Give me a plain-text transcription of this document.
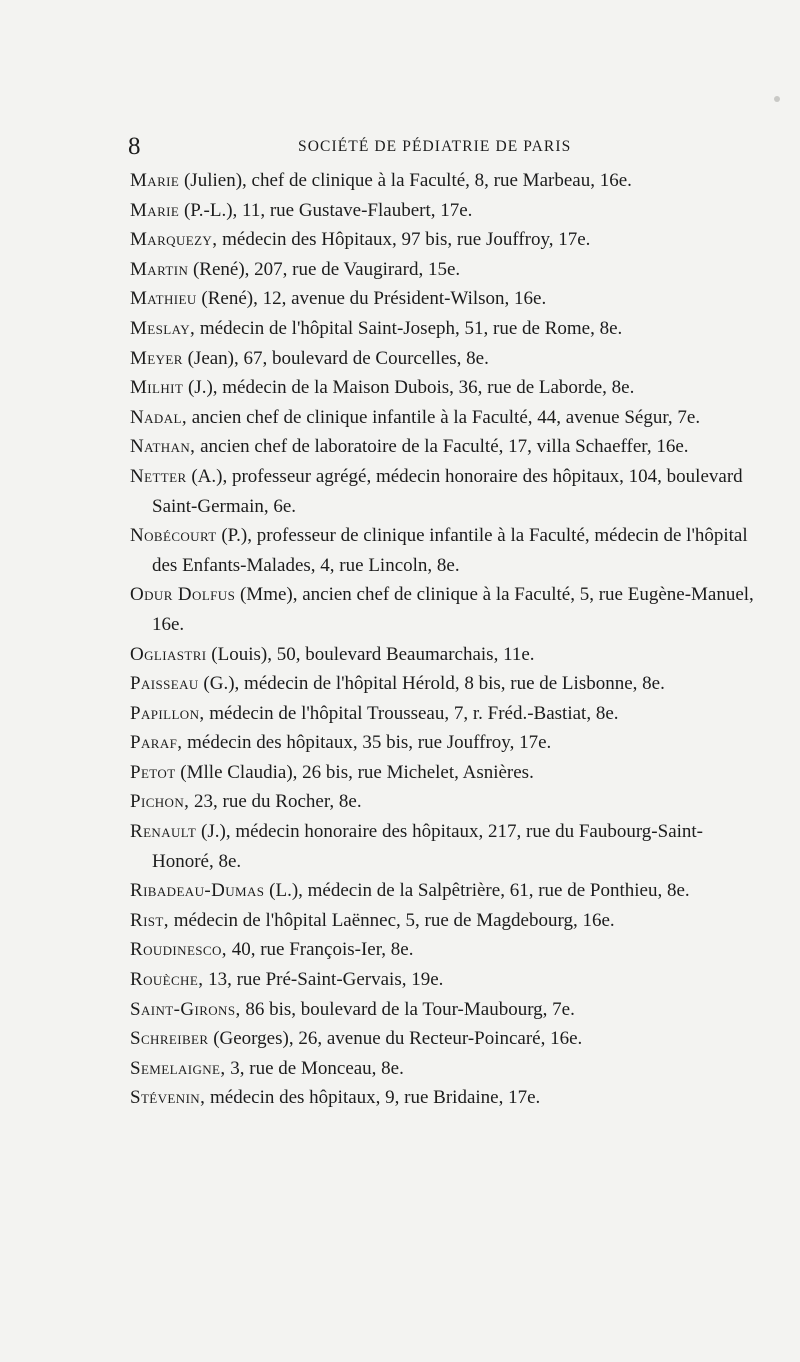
8	SOCIÉTÉ DE PÉDIATRIE DE PARIS
Marie (Julien), chef de clinique à la Faculté, 8, rue Marbeau, 16e.
Marie (P.-L.), 11, rue Gustave-Flaubert, 17e.
Marquezy, médecin des Hôpitaux, 97 bis, rue Jouffroy, 17e.
Martin (René), 207, rue de Vaugirard, 15e.
Mathieu (René), 12, avenue du Président-Wilson, 16e.
Meslay, médecin de l'hôpital Saint-Joseph, 51, rue de Rome, 8e.
Meyer (Jean), 67, boulevard de Courcelles, 8e.
Milhit (J.), médecin de la Maison Dubois, 36, rue de Laborde, 8e.
Nadal, ancien chef de clinique infantile à la Faculté, 44, avenue Ségur, 7e.
Nathan, ancien chef de laboratoire de la Faculté, 17, villa Schaeffer, 16e.
Netter (A.), professeur agrégé, médecin honoraire des hôpitaux, 104, boulevard Saint-Germain, 6e.
Nobécourt (P.), professeur de clinique infantile à la Faculté, médecin de l'hôpital des Enfants-Malades, 4, rue Lincoln, 8e.
Odur Dolfus (Mme), ancien chef de clinique à la Faculté, 5, rue Eugène-Manuel, 16e.
Ogliastri (Louis), 50, boulevard Beaumarchais, 11e.
Paisseau (G.), médecin de l'hôpital Hérold, 8 bis, rue de Lisbonne, 8e.
Papillon, médecin de l'hôpital Trousseau, 7, r. Fréd.-Bastiat, 8e.
Paraf, médecin des hôpitaux, 35 bis, rue Jouffroy, 17e.
Petot (Mlle Claudia), 26 bis, rue Michelet, Asnières.
Pichon, 23, rue du Rocher, 8e.
Renault (J.), médecin honoraire des hôpitaux, 217, rue du Faubourg-Saint-Honoré, 8e.
Ribadeau-Dumas (L.), médecin de la Salpêtrière, 61, rue de Ponthieu, 8e.
Rist, médecin de l'hôpital Laënnec, 5, rue de Magdebourg, 16e.
Roudinesco, 40, rue François-Ier, 8e.
Rouèche, 13, rue Pré-Saint-Gervais, 19e.
Saint-Girons, 86 bis, boulevard de la Tour-Maubourg, 7e.
Schreiber (Georges), 26, avenue du Recteur-Poincaré, 16e.
Semelaigne, 3, rue de Monceau, 8e.
Stévenin, médecin des hôpitaux, 9, rue Bridaine, 17e.
